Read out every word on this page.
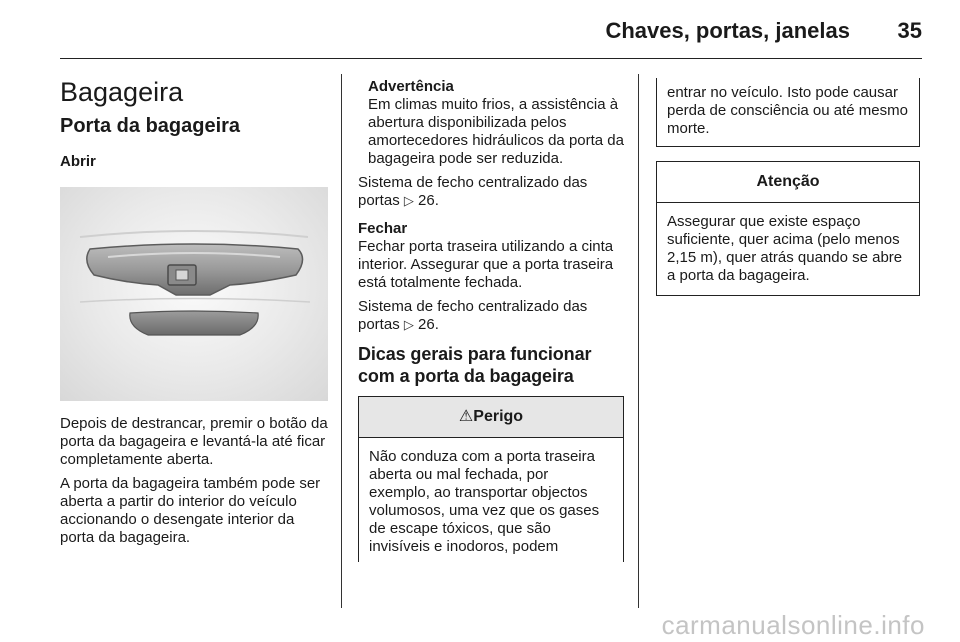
Chaves, portas, janelas	35
Bagageira
Porta da bagageira
Abrir

Depois de destrancar, premir o botão da porta da bagageira e levantá-la até ficar completamente aberta.

A porta da bagageira também pode ser aberta a partir do interior do veículo accionando o desengate interior da porta da bagageira.

Advertência
Em climas muito frios, a assistência à abertura disponibilizada pelos amortecedores hidráulicos da porta da bagageira pode ser reduzida.

Sistema de fecho centralizado das portas ▷ 26.

Fechar

Fechar porta traseira utilizando a cinta interior. Assegurar que a porta traseira está totalmente fechada.

Sistema de fecho centralizado das portas ▷ 26.

Dicas gerais para funcionar com a porta da bagageira
⚠Perigo
Não conduza com a porta traseira aberta ou mal fechada, por exemplo, ao transportar objectos volumosos, uma vez que os gases de escape tóxicos, que são invisíveis e inodoros, podem
entrar no veículo. Isto pode causar perda de consciência ou até mesmo morte.
Atenção
Assegurar que existe espaço suficiente, quer acima (pelo menos 2,15 m), quer atrás quando se abre a porta da bagageira.
carmanualsonline.info
